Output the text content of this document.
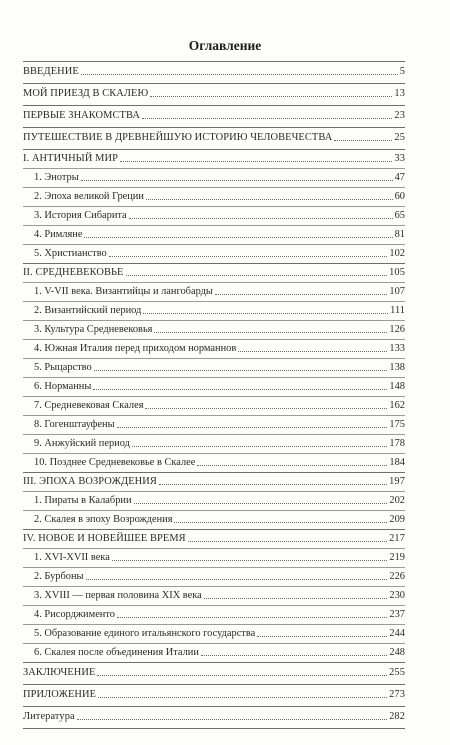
Оглавление
ВВЕДЕНИЕ	5
МОЙ ПРИЕЗД В СКАЛЕЮ	13
ПЕРВЫЕ ЗНАКОМСТВА	23
ПУТЕШЕСТВИЕ В ДРЕВНЕЙШУЮ ИСТОРИЮ ЧЕЛОВЕЧЕСТВА	25
I. АНТИЧНЫЙ МИР	33
1. Энотры	47
2. Эпоха великой Греции	60
3. История Сибарита	65
4. Римляне	81
5. Христианство	102
II. СРЕДНЕВЕКОВЬЕ	105
1. V-VII века. Византийцы и лангобарды	107
2. Византийский период	111
3. Культура Средневековья	126
4. Южная Италия перед приходом норманнов	133
5. Рыцарство	138
6. Норманны	148
7. Средневековая Скалея	162
8. Гогенштауфены	175
9. Анжуйский период	178
10. Позднее Средневековье в Скалее	184
III. ЭПОХА ВОЗРОЖДЕНИЯ	197
1. Пираты в Калабрии	202
2. Скалея в эпоху Возрождения	209
IV. НОВОЕ И НОВЕЙШЕЕ ВРЕМЯ	217
1. XVI-XVII века	219
2. Бурбоны	226
3. XVIII — первая половина XIX века	230
4. Рисорджименто	237
5. Образование единого итальянского государства	244
6. Скалея после объединения Италии	248
ЗАКЛЮЧЕНИЕ	255
ПРИЛОЖЕНИЕ	273
Литература	282
